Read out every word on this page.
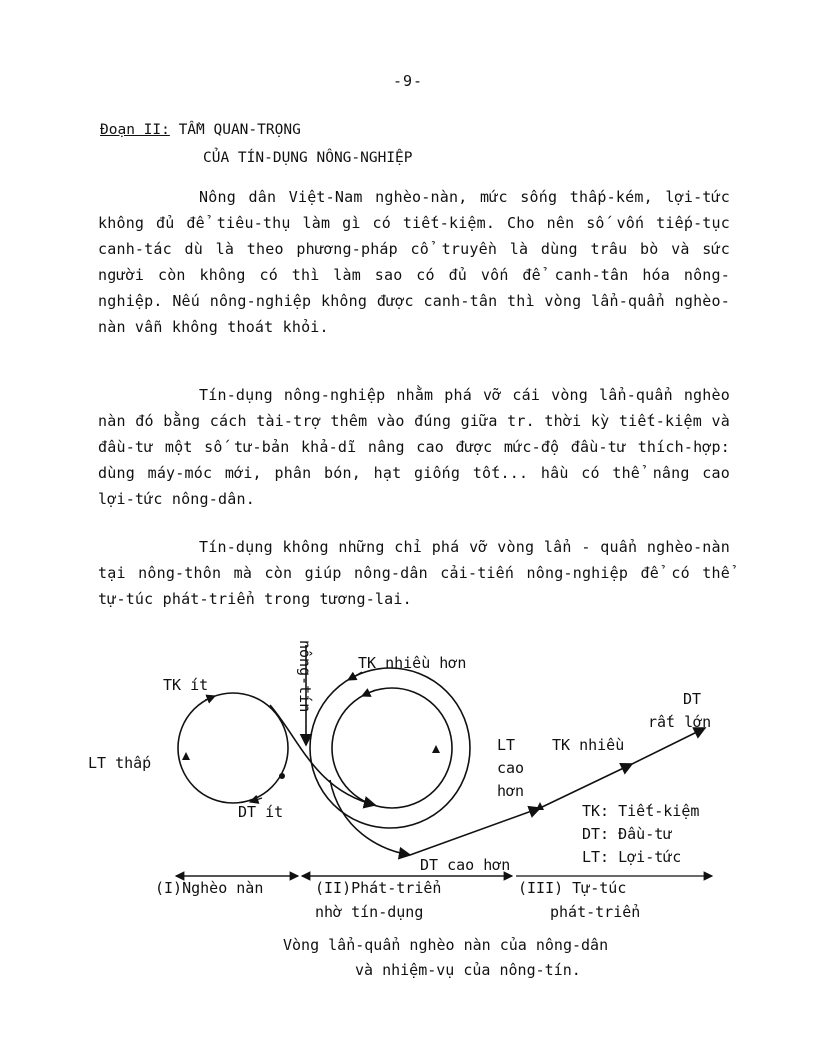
-9-
Đoạn II: TẦM QUAN-TRỌNG
CỦA TÍN-DỤNG NÔNG-NGHIỆP

Nông dân Việt-Nam nghèo-nàn, mức sống thấp-kém, lợi-tức không đủ để tiêu-thụ làm gì có tiết-kiệm. Cho nên số vốn tiếp-tục canh-tác dù là theo phương-pháp cổ truyền là dùng trâu bò và sức người còn không có thì làm sao có đủ vốn để canh-tân hóa nông-nghiệp. Nếu nông-nghiệp không được canh-tân thì vòng lẩn-quẩn nghèo-nàn vẫn không thoát khỏi.

Tín-dụng nông-nghiệp nhằm phá vỡ cái vòng lẩn-quẩn nghèo nàn đó bằng cách tài-trợ thêm vào đúng giữa tr. thời kỳ tiết-kiệm và đầu-tư một số tư-bản khả-dĩ nâng cao được mức-độ đầu-tư thích-hợp: dùng máy-móc mới, phân bón, hạt giống tốt... hầu có thể nâng cao lợi-tức nông-dân.

Tín-dụng không những chỉ phá vỡ vòng lẩn - quẩn nghèo-nàn tại nông-thôn mà còn giúp nông-dân cải-tiến nông-nghiệp để có thể tự-túc phát-triển trong tương-lai.

TK ít
LT thấp
DT ít
nông-tín	TK nhiều hơn
LT
cao
hơn
DT cao hơn
TK nhiều
DT
rất lớn
TK: Tiết-kiệm
DT: Đầu-tư
LT: Lợi-tức
(I)Nghèo nàn	(II)Phát-triển
nhờ tín-dụng
(III) Tự-túc
phát-triển
Vòng lẩn-quẩn nghèo nàn của nông-dân
và nhiệm-vụ của nông-tín.
